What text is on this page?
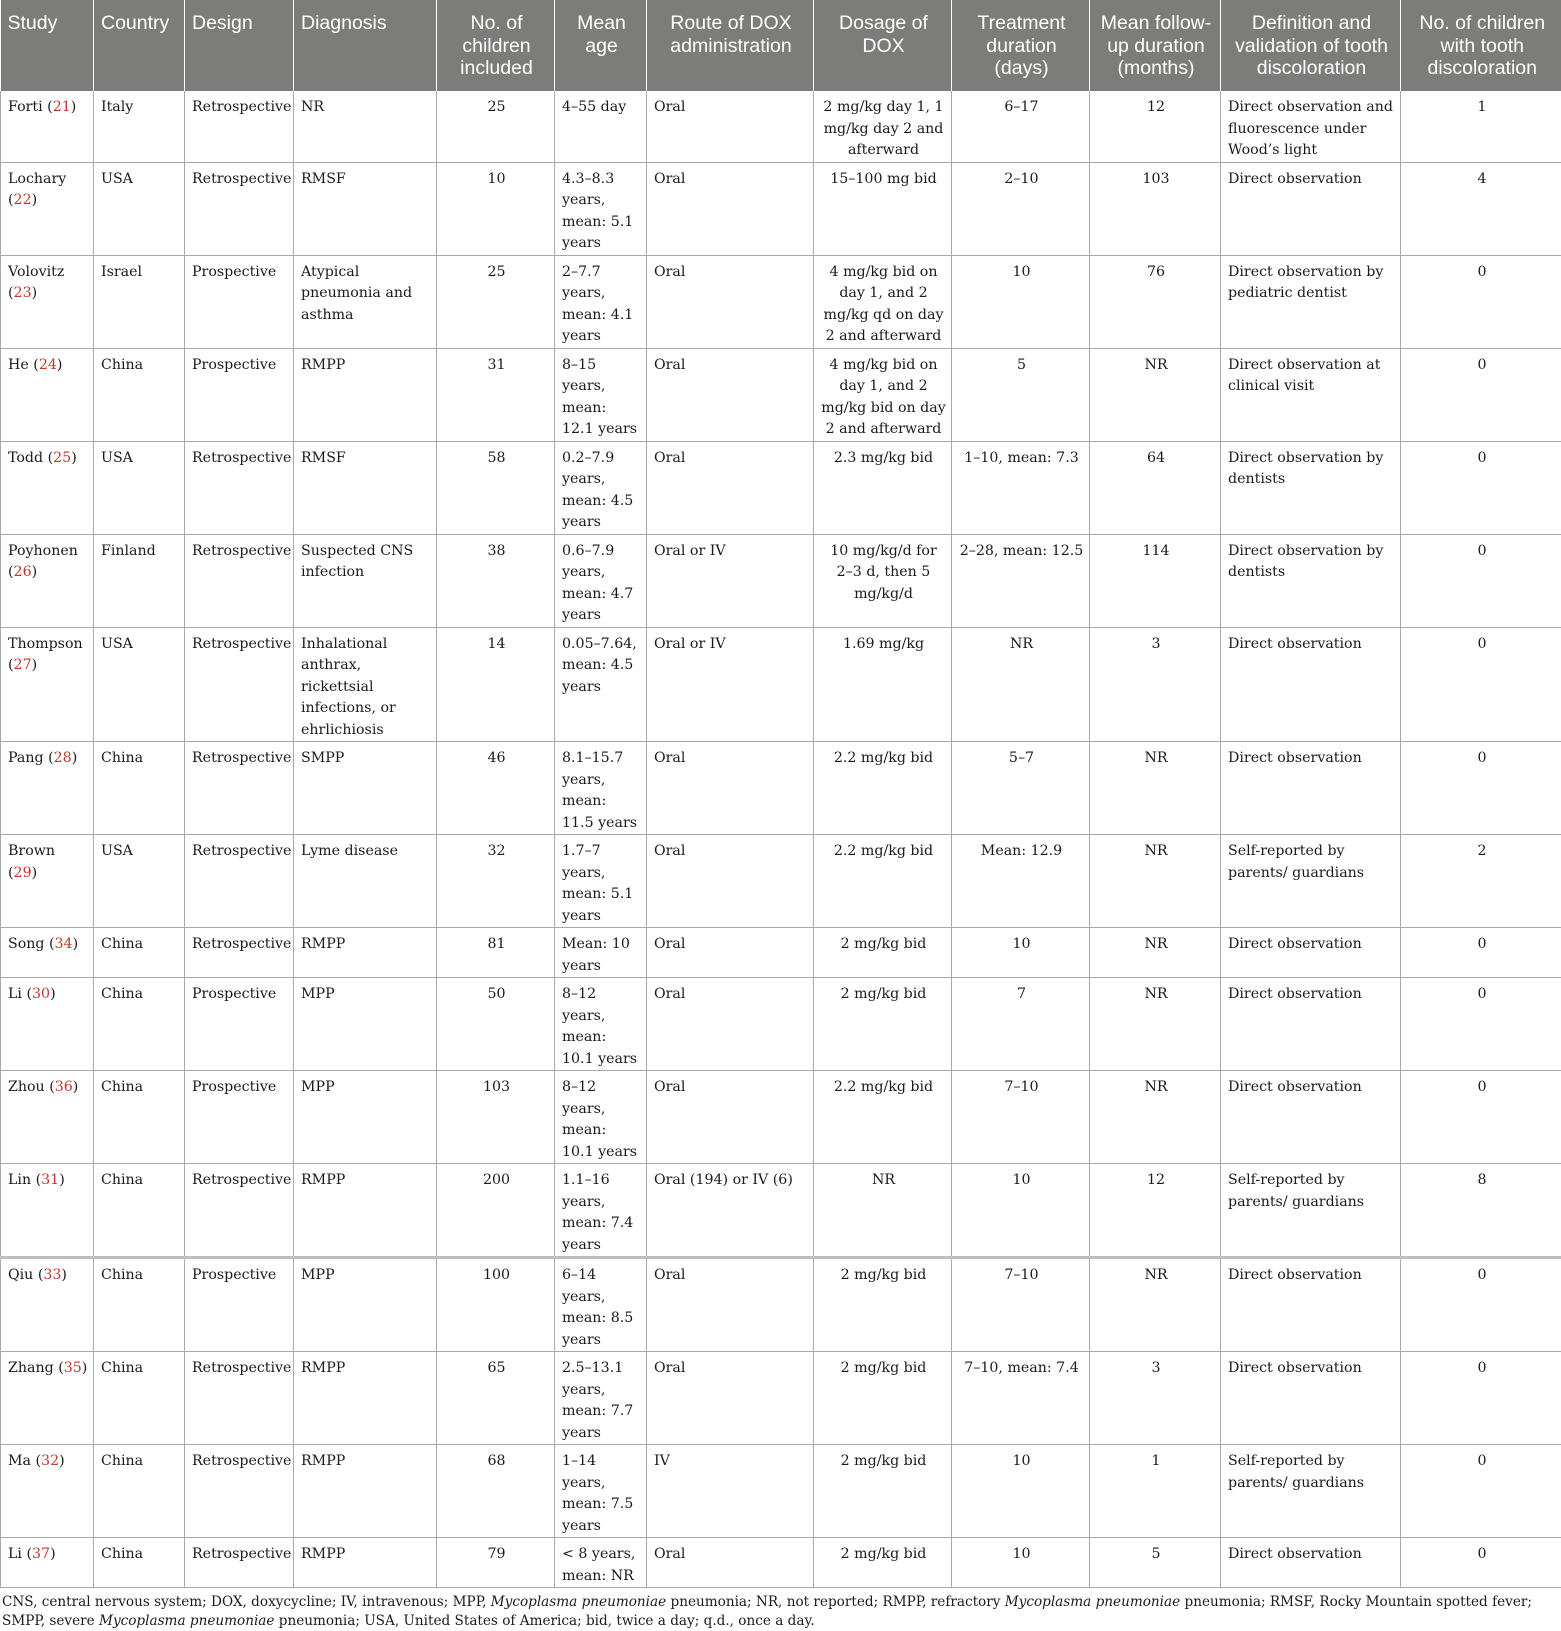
Study	Country	Design	Diagnosis	No. of children included	Mean age	Route of DOX administration	Dosage of DOX	Treatment duration (days)	Mean follow-up duration (months)	Definition and validation of tooth discoloration	No. of children with tooth discoloration
Forti (21)	Italy	Retrospective	NR	25	4–55 day	Oral	2 mg/kg day 1, 1 mg/kg day 2 and afterward	6–17	12	Direct observation and fluorescence under Wood’s light	1
Lochary (22)	USA	Retrospective	RMSF	10	4.3–8.3 years, mean: 5.1 years	Oral	15–100 mg bid	2–10	103	Direct observation	4
Volovitz (23)	Israel	Prospective	Atypical pneumonia and asthma	25	2–7.7 years, mean: 4.1 years	Oral	4 mg/kg bid on day 1, and 2 mg/kg qd on day 2 and afterward	10	76	Direct observation by pediatric dentist	0
He (24)	China	Prospective	RMPP	31	8–15 years, mean: 12.1 years	Oral	4 mg/kg bid on day 1, and 2 mg/kg bid on day 2 and afterward	5	NR	Direct observation at clinical visit	0
Todd (25)	USA	Retrospective	RMSF	58	0.2–7.9 years, mean: 4.5 years	Oral	2.3 mg/kg bid	1–10, mean: 7.3	64	Direct observation by dentists	0
Poyhonen (26)	Finland	Retrospective	Suspected CNS infection	38	0.6–7.9 years, mean: 4.7 years	Oral or IV	10 mg/kg/d for 2–3 d, then 5 mg/kg/d	2–28, mean: 12.5	114	Direct observation by dentists	0
Thompson (27)	USA	Retrospective	Inhalational anthrax, rickettsial infections, or ehrlichiosis	14	0.05–7.64, mean: 4.5 years	Oral or IV	1.69 mg/kg	NR	3	Direct observation	0
Pang (28)	China	Retrospective	SMPP	46	8.1–15.7 years, mean: 11.5 years	Oral	2.2 mg/kg bid	5–7	NR	Direct observation	0
Brown (29)	USA	Retrospective	Lyme disease	32	1.7–7 years, mean: 5.1 years	Oral	2.2 mg/kg bid	Mean: 12.9	NR	Self-reported by parents/ guardians	2
Song (34)	China	Retrospective	RMPP	81	Mean: 10 years	Oral	2 mg/kg bid	10	NR	Direct observation	0
Li (30)	China	Prospective	MPP	50	8–12 years, mean: 10.1 years	Oral	2 mg/kg bid	7	NR	Direct observation	0
Zhou (36)	China	Prospective	MPP	103	8–12 years, mean: 10.1 years	Oral	2.2 mg/kg bid	7–10	NR	Direct observation	0
Lin (31)	China	Retrospective	RMPP	200	1.1–16 years, mean: 7.4 years	Oral (194) or IV (6)	NR	10	12	Self-reported by parents/ guardians	8
Qiu (33)	China	Prospective	MPP	100	6–14 years, mean: 8.5 years	Oral	2 mg/kg bid	7–10	NR	Direct observation	0
Zhang (35)	China	Retrospective	RMPP	65	2.5–13.1 years, mean: 7.7 years	Oral	2 mg/kg bid	7–10, mean: 7.4	3	Direct observation	0
Ma (32)	China	Retrospective	RMPP	68	1–14 years, mean: 7.5 years	IV	2 mg/kg bid	10	1	Self-reported by parents/ guardians	0
Li (37)	China	Retrospective	RMPP	79	< 8 years, mean: NR	Oral	2 mg/kg bid	10	5	Direct observation	0
CNS, central nervous system; DOX, doxycycline; IV, intravenous; MPP, Mycoplasma pneumoniae pneumonia; NR, not reported; RMPP, refractory Mycoplasma pneumoniae pneumonia; RMSF, Rocky Mountain spotted fever; SMPP, severe Mycoplasma pneumoniae pneumonia; USA, United States of America; bid, twice a day; q.d., once a day.
